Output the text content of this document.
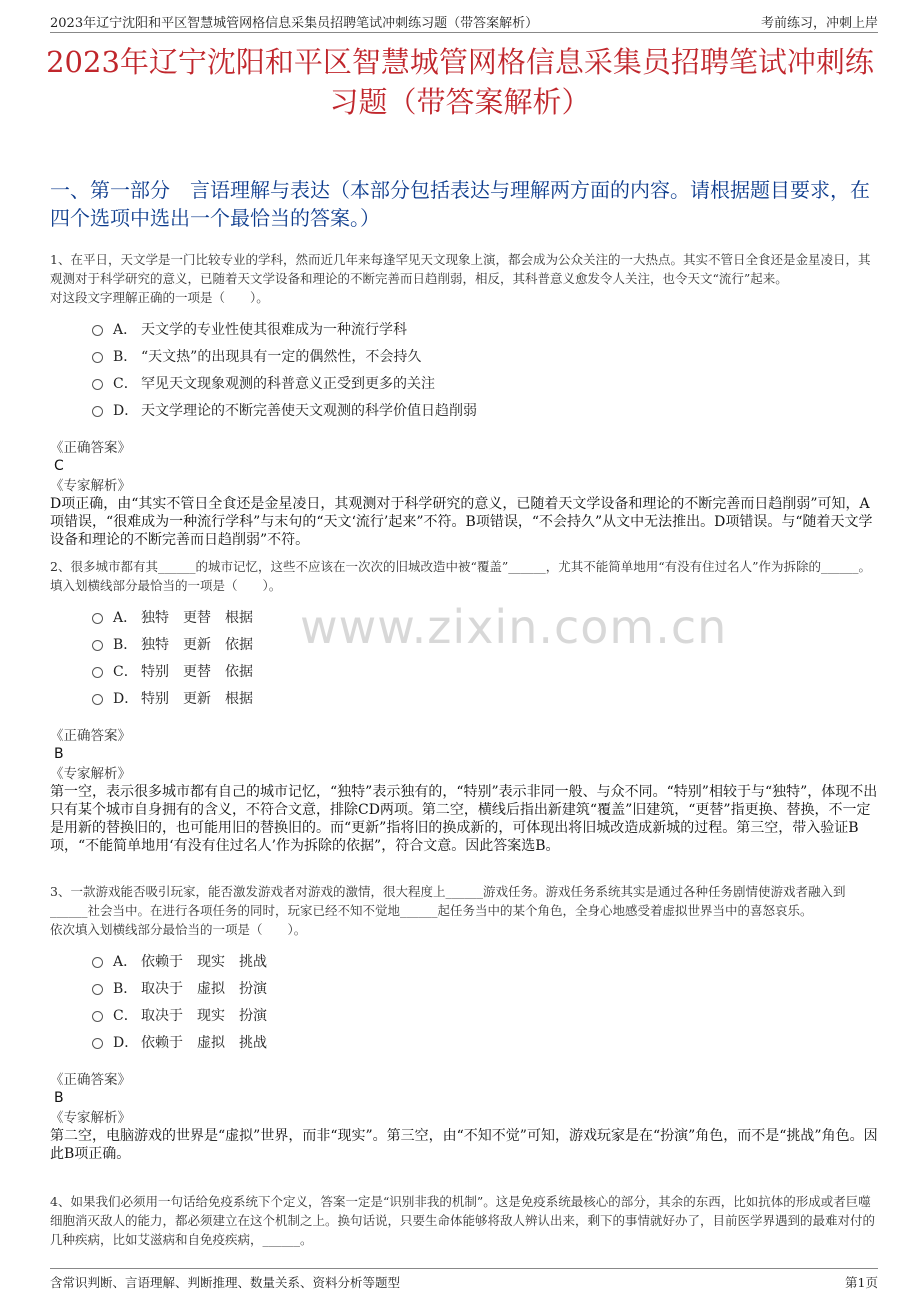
2023年辽宁沈阳和平区智慧城管网格信息采集员招聘笔试冲刺练习题（带答案解析）	考前练习，冲刺上岸
2023年辽宁沈阳和平区智慧城管网格信息采集员招聘笔试冲刺练习题（带答案解析）
一、第一部分　言语理解与表达（本部分包括表达与理解两方面的内容。请根据题目要求，在四个选项中选出一个最恰当的答案。）
www.zixin.com.cn

1、在平日，天文学是一门比较专业的学科，然而近几年来每逢罕见天文现象上演，都会成为公众关注的一大热点。其实不管日全食还是金星凌日，其观测对于科学研究的意义，已随着天文学设备和理论的不断完善而日趋削弱，相反，其科普意义愈发令人关注，也令天文“流行”起来。

对这段文字理解正确的一项是（　　）。

A． 天文学的专业性使其很难成为一种流行学科
B． “天文热”的出现具有一定的偶然性，不会持久
C． 罕见天文现象观测的科普意义正受到更多的关注
D． 天文学理论的不断完善使天文观测的科学价值日趋削弱
《正确答案》
C
《专家解析》
D项正确，由“其实不管日全食还是金星凌日，其观测对于科学研究的意义，已随着天文学设备和理论的不断完善而日趋削弱”可知，A项错误，“很难成为一种流行学科”与末句的“天文‘流行’起来”不符。B项错误，“不会持久”从文中无法推出。D项错误。与“随着天文学设备和理论的不断完善而日趋削弱”不符。

2、很多城市都有其______的城市记忆，这些不应该在一次次的旧城改造中被“覆盖”______，尤其不能简单地用“有没有住过名人”作为拆除的______。

填入划横线部分最恰当的一项是（　　）。

A． 独特　更替　根据
B． 独特　更新　依据
C． 特别　更替　依据
D． 特别　更新　根据
《正确答案》
B
《专家解析》
第一空，表示很多城市都有自己的城市记忆，“独特”表示独有的，“特别”表示非同一般、与众不同。“特别”相较于与“独特”，体现不出只有某个城市自身拥有的含义，不符合文意，排除CD两项。第二空，横线后指出新建筑“覆盖”旧建筑，“更替”指更换、替换，不一定是用新的替换旧的，也可能用旧的替换旧的。而“更新”指将旧的换成新的，可体现出将旧城改造成新城的过程。第三空，带入验证B项，“不能简单地用‘有没有住过名人’作为拆除的依据”，符合文意。因此答案选B。

3、一款游戏能否吸引玩家，能否激发游戏者对游戏的激情，很大程度上______游戏任务。游戏任务系统其实是通过各种任务剧情使游戏者融入到______社会当中。在进行各项任务的同时，玩家已经不知不觉地______起任务当中的某个角色，全身心地感受着虚拟世界当中的喜怒哀乐。

依次填入划横线部分最恰当的一项是（　　）。

A． 依赖于　现实　挑战
B． 取决于　虚拟　扮演
C． 取决于　现实　扮演
D． 依赖于　虚拟　挑战
《正确答案》
B
《专家解析》
第二空，电脑游戏的世界是“虚拟”世界，而非“现实”。第三空，由“不知不觉”可知，游戏玩家是在“扮演”角色，而不是“挑战”角色。因此B项正确。

4、如果我们必须用一句话给免疫系统下个定义，答案一定是“识别非我的机制”。这是免疫系统最核心的部分，其余的东西，比如抗体的形成或者巨噬细胞消灭敌人的能力，都必须建立在这个机制之上。换句话说，只要生命体能够将敌人辨认出来，剩下的事情就好办了，目前医学界遇到的最难对付的几种疾病，比如艾滋病和自免疫疾病，______。

含常识判断、言语理解、判断推理、数量关系、资料分析等题型	第1页
